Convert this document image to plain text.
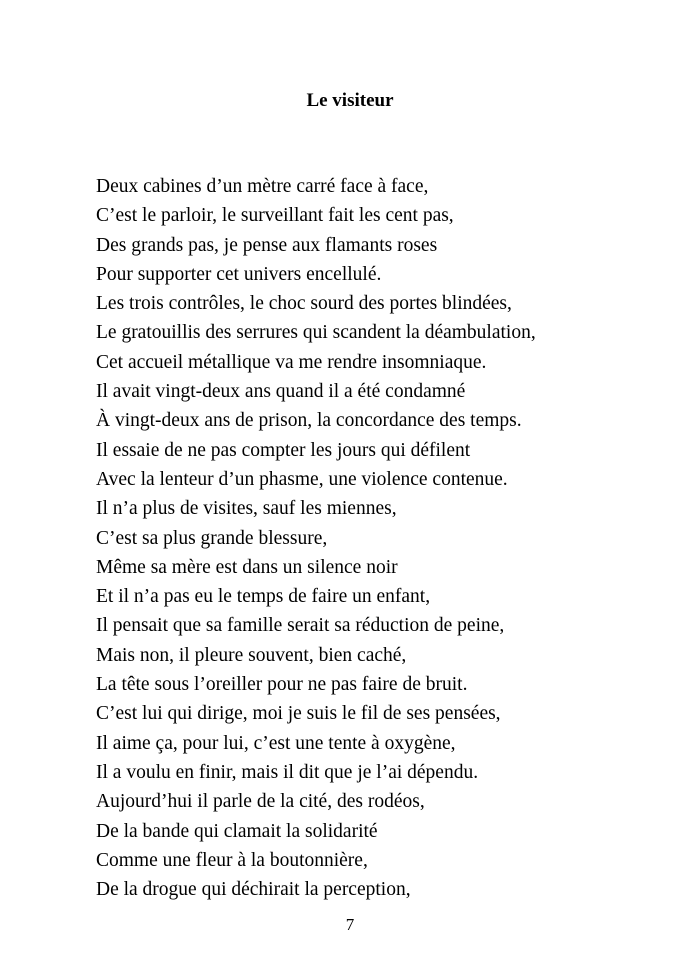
Le visiteur
Deux cabines d’un mètre carré face à face,
C’est le parloir, le surveillant fait les cent pas,
Des grands pas, je pense aux flamants roses
Pour supporter cet univers encellulé.
Les trois contrôles, le choc sourd des portes blindées,
Le gratouillis des serrures qui scandent la déambulation,
Cet accueil métallique va me rendre insomniaque.
Il avait vingt-deux ans quand il a été condamné
À vingt-deux ans de prison, la concordance des temps.
Il essaie de ne pas compter les jours qui défilent
Avec la lenteur d’un phasme, une violence contenue.
Il n’a plus de visites, sauf les miennes,
C’est sa plus grande blessure,
Même sa mère est dans un silence noir
Et il n’a pas eu le temps de faire un enfant,
Il pensait que sa famille serait sa réduction de peine,
Mais non, il pleure souvent, bien caché,
La tête sous l’oreiller pour ne pas faire de bruit.
C’est lui qui dirige, moi je suis le fil de ses pensées,
Il aime ça, pour lui, c’est une tente à oxygène,
Il a voulu en finir, mais il dit que je l’ai dépendu.
Aujourd’hui il parle de la cité, des rodéos,
De la bande qui clamait la solidarité
Comme une fleur à la boutonnière,
De la drogue qui déchirait la perception,
7
